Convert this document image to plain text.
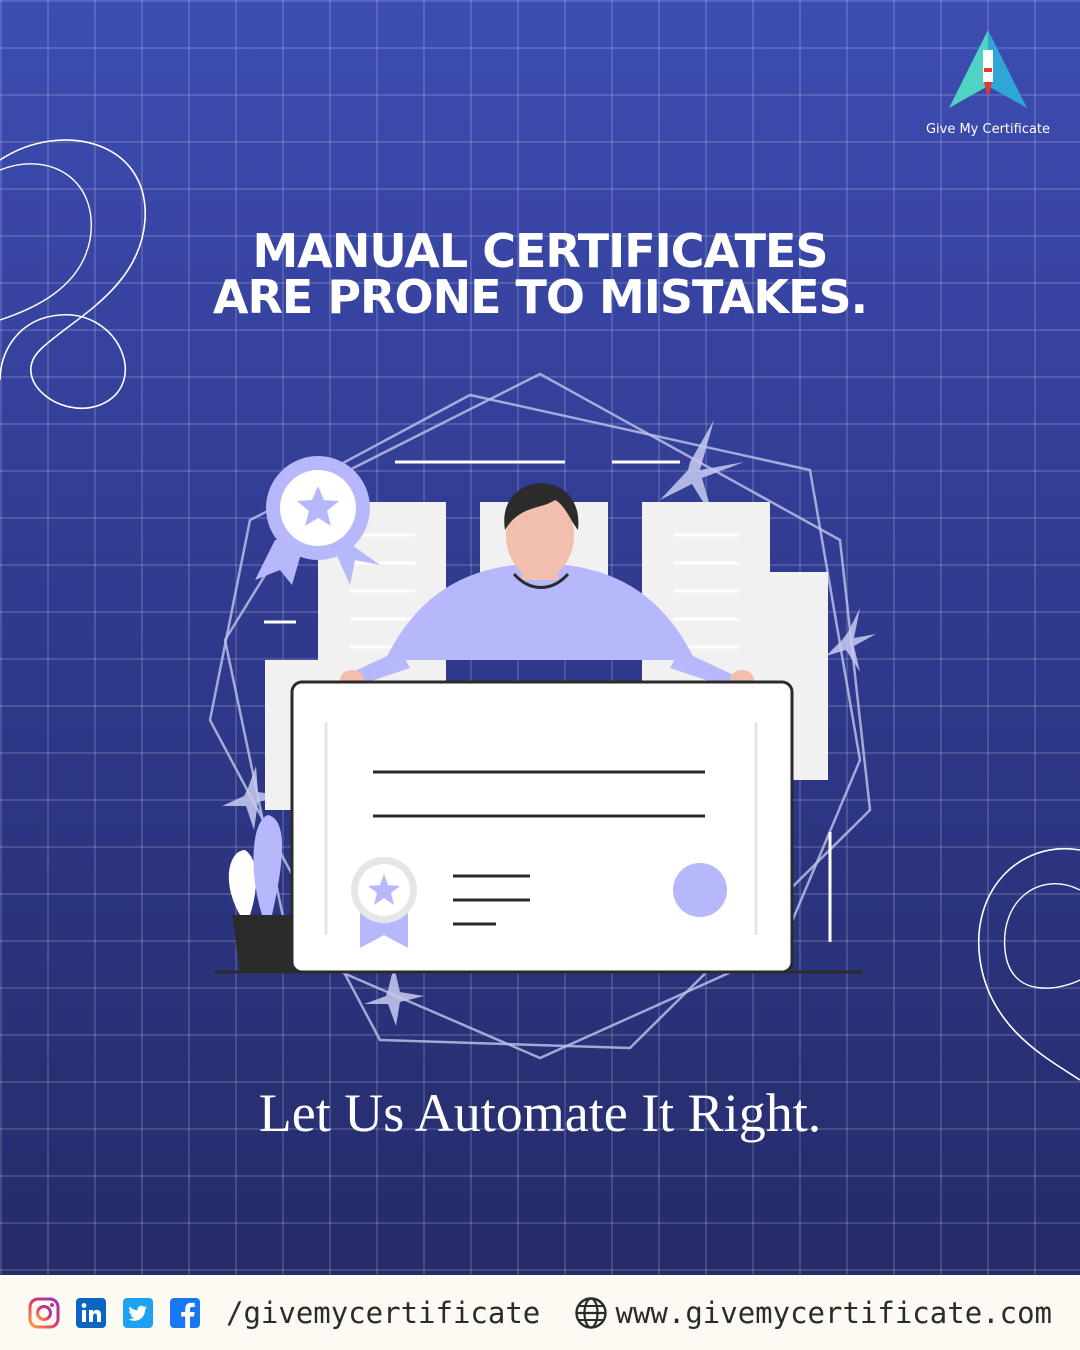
Give My Certificate
MANUAL CERTIFICATES
ARE PRONE TO MISTAKES.
Let Us Automate It Right.
/givemycertificate	www.givemycertificate.com
